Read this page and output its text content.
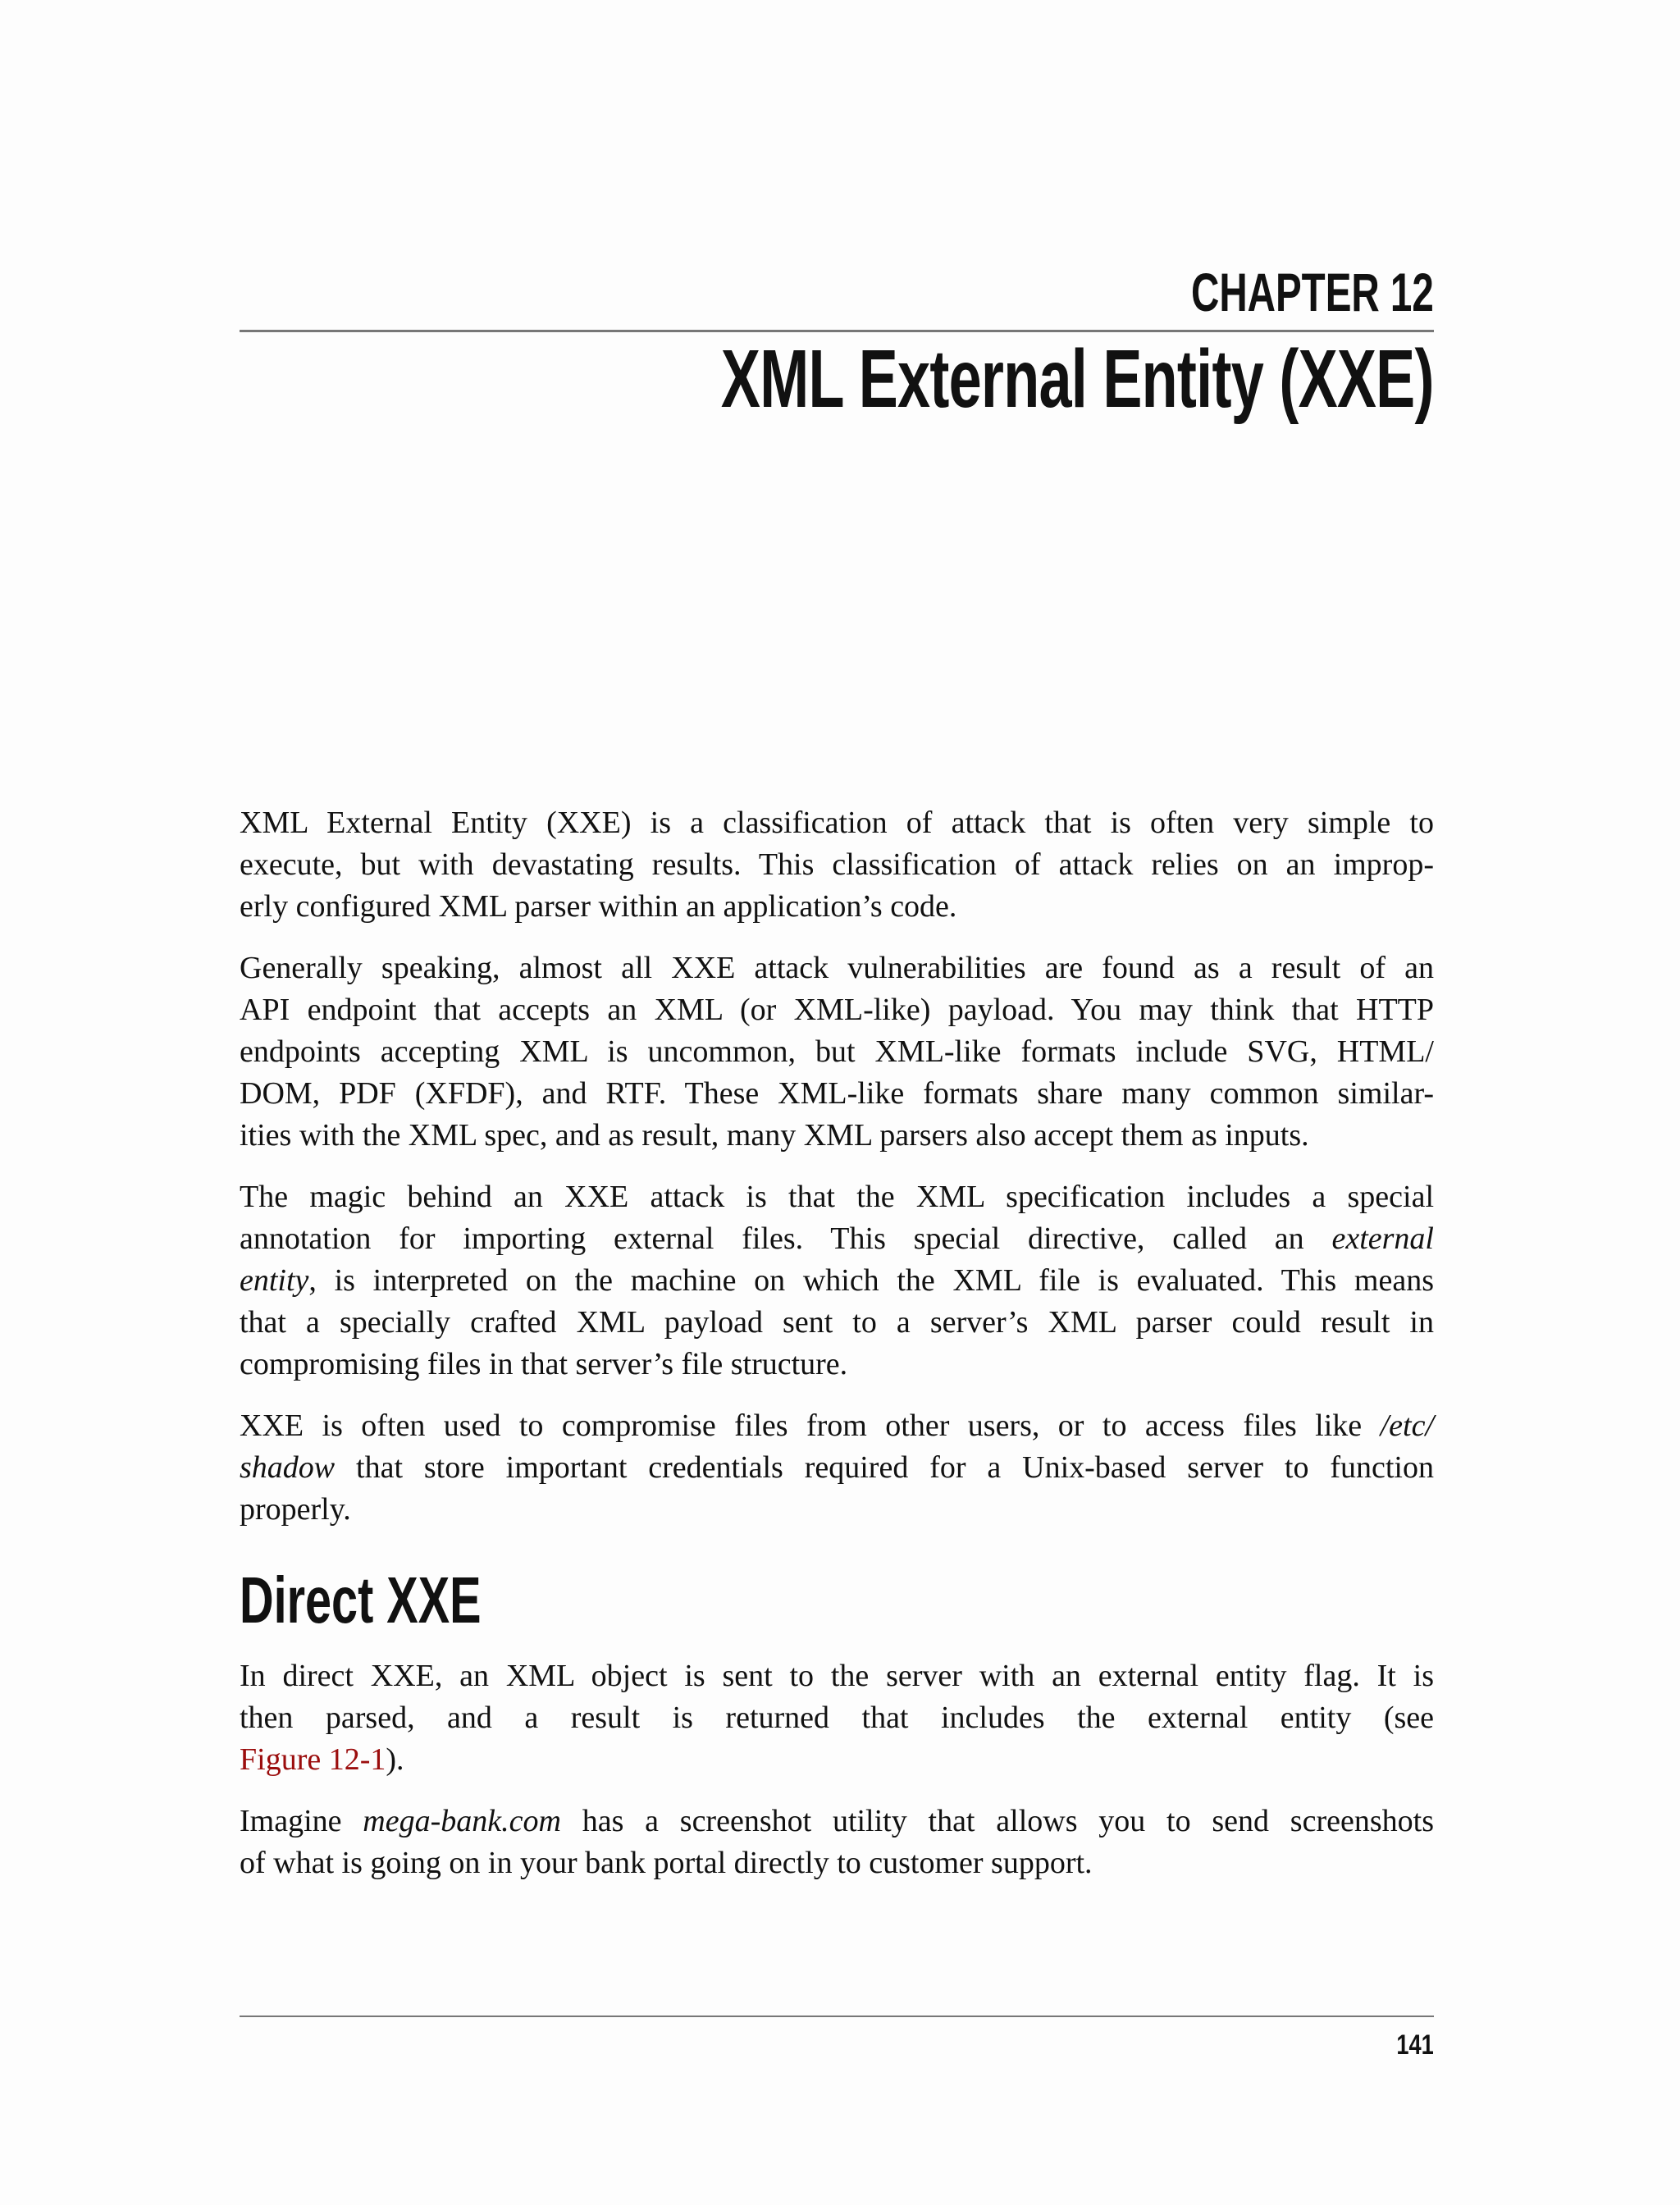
CHAPTER 12
XML External Entity (XXE)
XML External Entity (XXE) is a classification of attack that is often very simple to
execute, but with devastating results. This classification of attack relies on an improp-
erly configured XML parser within an application’s code.
Generally speaking, almost all XXE attack vulnerabilities are found as a result of an
API endpoint that accepts an XML (or XML-like) payload. You may think that HTTP
endpoints accepting XML is uncommon, but XML-like formats include SVG, HTML/
DOM, PDF (XFDF), and RTF. These XML-like formats share many common similar-
ities with the XML spec, and as result, many XML parsers also accept them as inputs.
The magic behind an XXE attack is that the XML specification includes a special
annotation for importing external files. This special directive, called an external
entity, is interpreted on the machine on which the XML file is evaluated. This means
that a specially crafted XML payload sent to a server’s XML parser could result in
compromising files in that server’s file structure.
XXE is often used to compromise files from other users, or to access files like /etc/
shadow that store important credentials required for a Unix-based server to function
properly.
Direct XXE
In direct XXE, an XML object is sent to the server with an external entity flag. It is
then parsed, and a result is returned that includes the external entity (see
Figure 12-1).
Imagine mega-bank.com has a screenshot utility that allows you to send screenshots
of what is going on in your bank portal directly to customer support.
141
